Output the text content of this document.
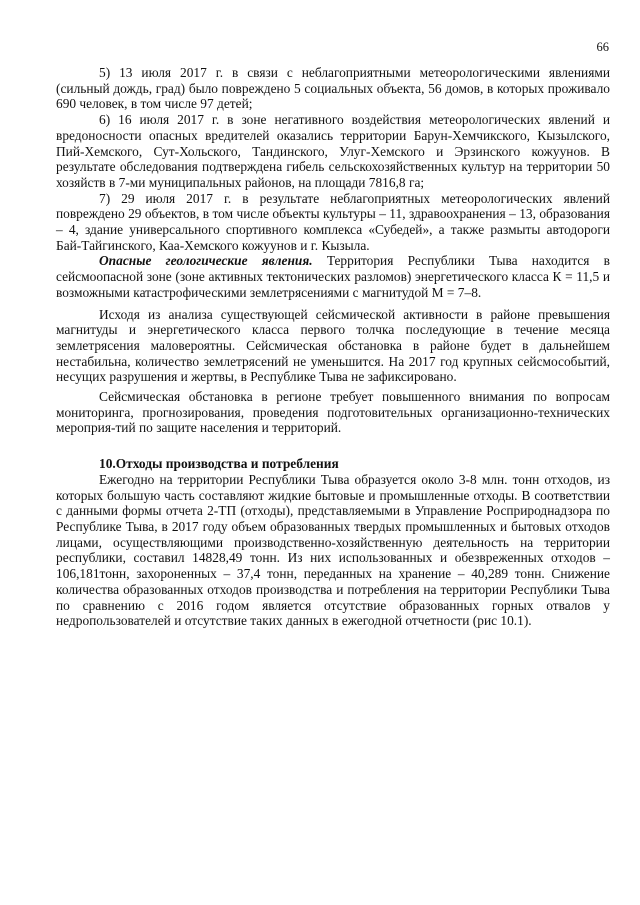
66

5) 13 июля 2017 г. в связи с неблагоприятными метеорологическими явлениями (сильный дождь, град) было повреждено 5 социальных объекта, 56 домов, в которых проживало 690 человек, в том числе 97 детей;

6) 16 июля 2017 г. в зоне негативного воздействия метеорологических явлений и вредоносности опасных вредителей оказались территории Барун-Хемчикского, Кызылского, Пий-Хемского, Сут-Хольского, Тандинского, Улуг-Хемского и Эрзинского кожуунов. В результате обследования подтверждена гибель сельскохозяйственных культур на территории 50 хозяйств в 7-ми муниципальных районов, на площади 7816,8 га;

7) 29 июля 2017 г. в результате неблагоприятных метеорологических явлений повреждено 29 объектов, в том числе объекты культуры – 11, здравоохранения – 13, образования – 4, здание универсального спортивного комплекса «Субедей», а также размыты автодороги Бай-Тайгинского, Каа-Хемского кожуунов и г. Кызыла.

Опасные геологические явления. Территория Республики Тыва находится в сейсмоопасной зоне (зоне активных тектонических разломов) энергетического класса К = 11,5 и возможными катастрофическими землетрясениями с магнитудой М = 7–8.

Исходя из анализа существующей сейсмической активности в районе превышения магнитуды и энергетического класса первого толчка последующие в течение месяца землетрясения маловероятны. Сейсмическая обстановка в районе будет в дальнейшем нестабильна, количество землетрясений не уменьшится. На 2017 год крупных сейсмособытий, несущих разрушения и жертвы, в Республике Тыва не зафиксировано.

Сейсмическая обстановка в регионе требует повышенного внимания по вопросам мониторинга, прогнозирования, проведения подготовительных организационно-технических мероприя-тий по защите населения и территорий.

10.Отходы производства и потребления

Ежегодно на территории Республики Тыва образуется около 3-8 млн. тонн отходов, из которых большую часть составляют жидкие бытовые и промышленные отходы. В соответствии с данными формы отчета 2-ТП (отходы), представляемыми в Управление Росприроднадзора по Республике Тыва, в 2017 году объем образованных твердых промышленных и бытовых отходов лицами, осуществляющими производственно-хозяйственную деятельность на территории республики, составил 14828,49 тонн. Из них использованных и обезвреженных отходов – 106,181тонн, захороненных – 37,4 тонн, переданных на хранение – 40,289 тонн. Снижение количества образованных отходов производства и потребления на территории Республики Тыва по сравнению с 2016 годом является отсутствие образованных горных отвалов у недропользователей и отсутствие таких данных в ежегодной отчетности (рис 10.1).
